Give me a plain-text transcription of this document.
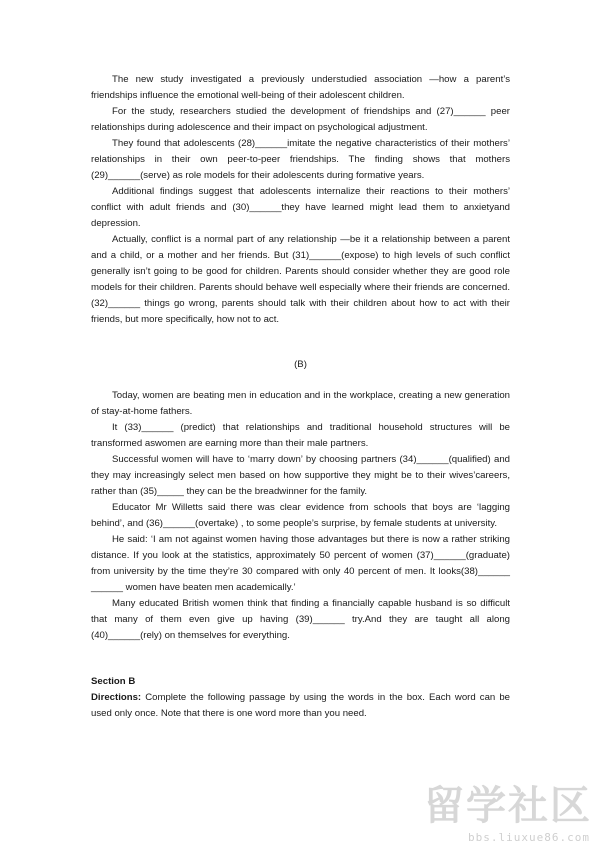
The new study investigated a previously understudied association —how a parent’s friendships influence the emotional well-being of their adolescent children.

For the study, researchers studied the development of friendships and (27)______ peer relationships during adolescence and their impact on psychological adjustment.

They found that adolescents (28)______imitate the negative characteristics of their mothers’ relationships in their own peer-to-peer friendships. The finding shows that mothers (29)______(serve) as role models for their adolescents during formative years.

Additional findings suggest that adolescents internalize their reactions to their mothers’ conflict with adult friends and (30)______they have learned might lead them to anxietyand depression.

Actually, conflict is a normal part of any relationship —be it a relationship between a parent and a child, or a mother and her friends. But (31)______(expose) to high levels of such conflict generally isn’t going to be good for children. Parents should consider whether they are good role models for their children. Parents should behave well especially where their friends are concerned. (32)______ things go wrong, parents should talk with their children about how to act with their friends, but more specifically, how not to act.

(B)

Today, women are beating men in education and in the workplace, creating a new generation of stay-at-home fathers.

It (33)______ (predict) that relationships and traditional household structures will be transformed aswomen are earning more than their male partners.

Successful women will have to ‘marry down’ by choosing partners (34)______(qualified) and they may increasingly select men based on how supportive they might be to their wives’careers, rather than (35)_____ they can be the breadwinner for the family.

Educator Mr Willetts said there was clear evidence from schools that boys are ‘lagging behind’, and (36)______(overtake) , to some people’s surprise, by female students at university.

He said: ‘I am not against women having those advantages but there is now a rather striking distance. If you look at the statistics, approximately 50 percent of women (37)______(graduate) from university by the time they’re 30 compared with only 40 percent of men. It looks(38)______ ______ women have beaten men academically.’

Many educated British women think that finding a financially capable husband is so difficult that many of them even give up having (39)______ try.And they are taught all along (40)______(rely) on themselves for everything.

Section B

Directions: Complete the following passage by using the words in the box. Each word can be used only once. Note that there is one word more than you need.

留学社区
bbs.liuxue86.com
